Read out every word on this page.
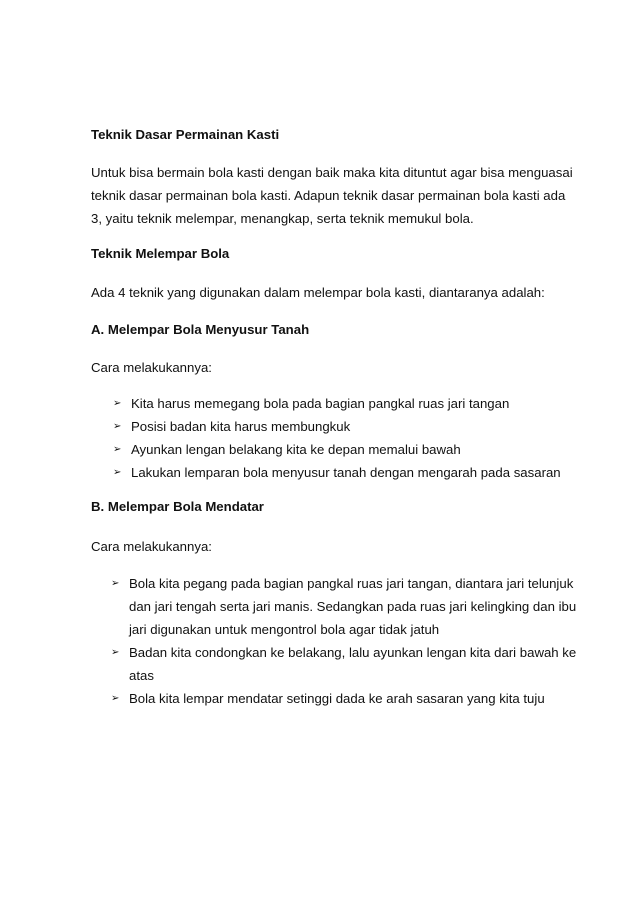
Teknik Dasar Permainan Kasti
Untuk bisa bermain bola kasti dengan baik maka kita dituntut agar bisa menguasai
teknik dasar permainan bola kasti. Adapun teknik dasar permainan bola kasti ada
3, yaitu teknik melempar, menangkap, serta teknik memukul bola.
Teknik Melempar Bola
Ada 4 teknik yang digunakan dalam melempar bola kasti, diantaranya adalah:
A. Melempar Bola Menyusur Tanah
Cara melakukannya:
➢ Kita harus memegang bola pada bagian pangkal ruas jari tangan
➢ Posisi badan kita harus membungkuk
➢ Ayunkan lengan belakang kita ke depan memalui bawah
➢ Lakukan lemparan bola menyusur tanah dengan mengarah pada sasaran
B. Melempar Bola Mendatar
Cara melakukannya:
➢ Bola kita pegang pada bagian pangkal ruas jari tangan, diantara jari telunjuk
dan jari tengah serta jari manis. Sedangkan pada ruas jari kelingking dan ibu
jari digunakan untuk mengontrol bola agar tidak jatuh
➢ Badan kita condongkan ke belakang, lalu ayunkan lengan kita dari bawah ke
atas
➢ Bola kita lempar mendatar setinggi dada ke arah sasaran yang kita tuju
